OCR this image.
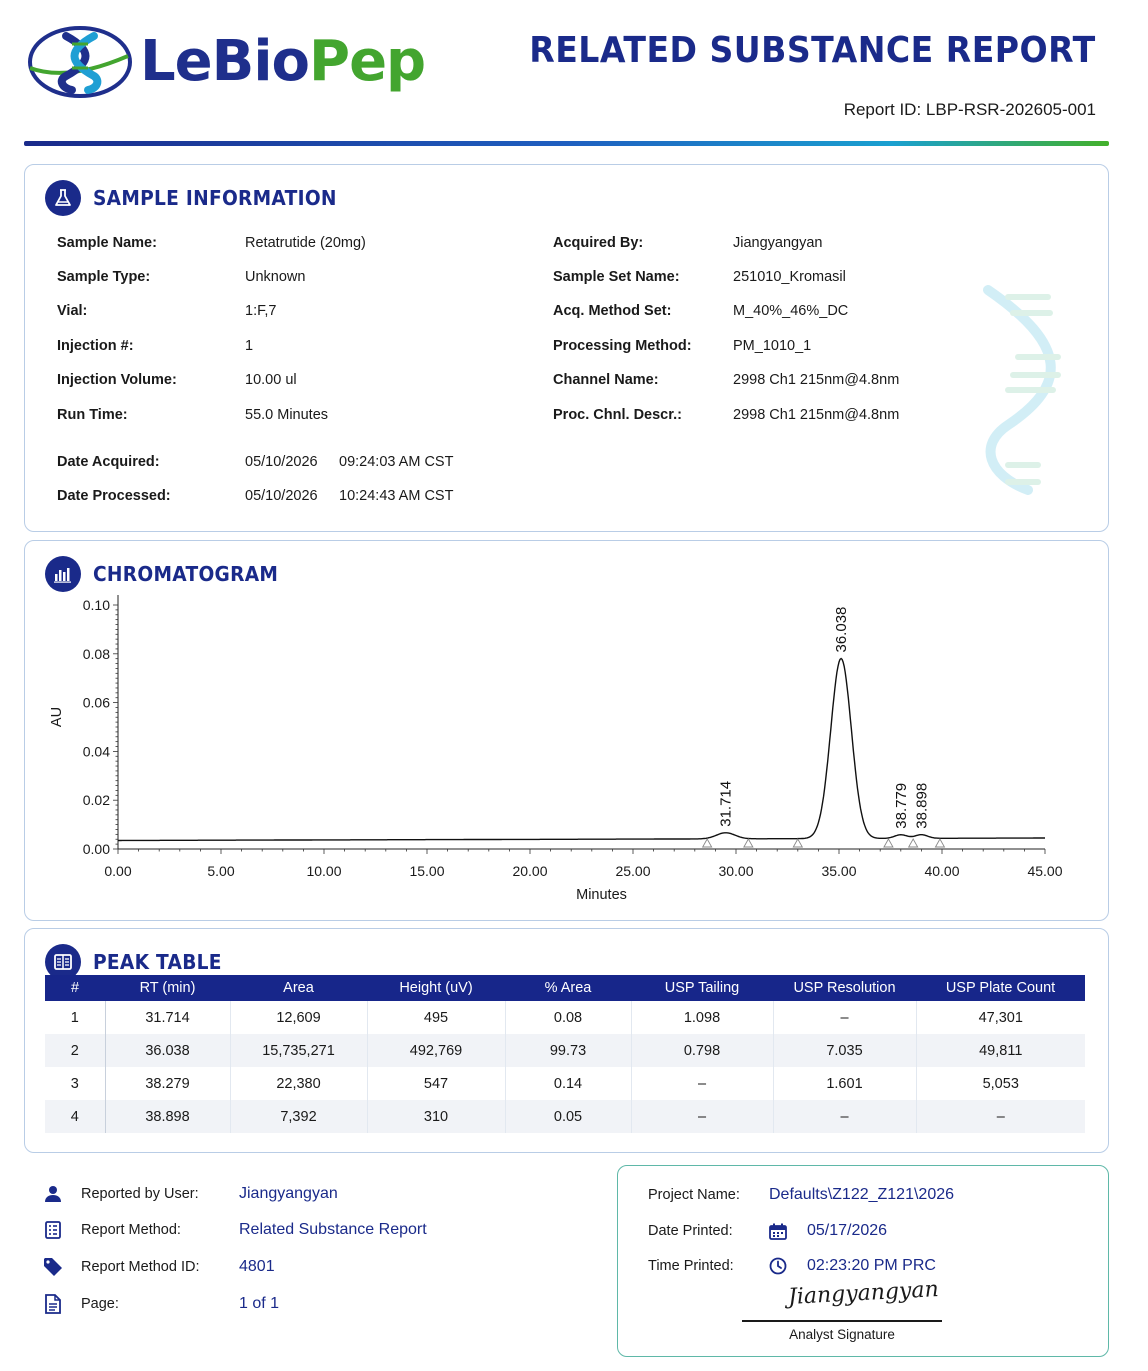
LeBioPep	RELATED SUBSTANCE REPORT
Report ID: LBP-RSR-202605-001
SAMPLE INFORMATION
Sample Name:	Retatrutide (20mg)
Sample Type:	Unknown
Vial:	1:F,7
Injection #:	1
Injection Volume:	10.00 ul
Run Time:	55.0 Minutes
Acquired By:	Jiangyangyan
Sample Set Name:	251010_Kromasil
Acq. Method Set:	M_40%_46%_DC
Processing Method:	PM_1010_1
Channel Name:	2998 Ch1 215nm@4.8nm
Proc. Chnl. Descr.:	2998 Ch1 215nm@4.8nm
Date Acquired:	05/10/2026 09:24:03 AM CST
Date Processed:	05/10/2026 10:24:43 AM CST
CHROMATOGRAM
0.00
0.02
0.04
0.06
0.08
0.10
0.00	5.00	10.00	15.00	20.00	25.00	30.00	35.00	40.00	45.00
Minutes
AU
31.714
36.038
38.779 38.898
PEAK TABLE
#	RT (min)	Area	Height (uV)	% Area	USP Tailing	USP Resolution	USP Plate Count
1	31.714	12,609	495	0.08	1.098	–	47,301
2	36.038	15,735,271	492,769	99.73	0.798	7.035	49,811
3	38.279	22,380	547	0.14	–	1.601	5,053
4	38.898	7,392	310	0.05	–	–	–
Reported by User:	Jiangyangyan
Report Method:	Related Substance Report
Report Method ID:	4801
Page:	1 of 1
Project Name:	Defaults\Z122_Z121\2026
Date Printed:	05/17/2026
Time Printed:	02:23:20 PM PRC
Jiangyangyan
Analyst Signature
